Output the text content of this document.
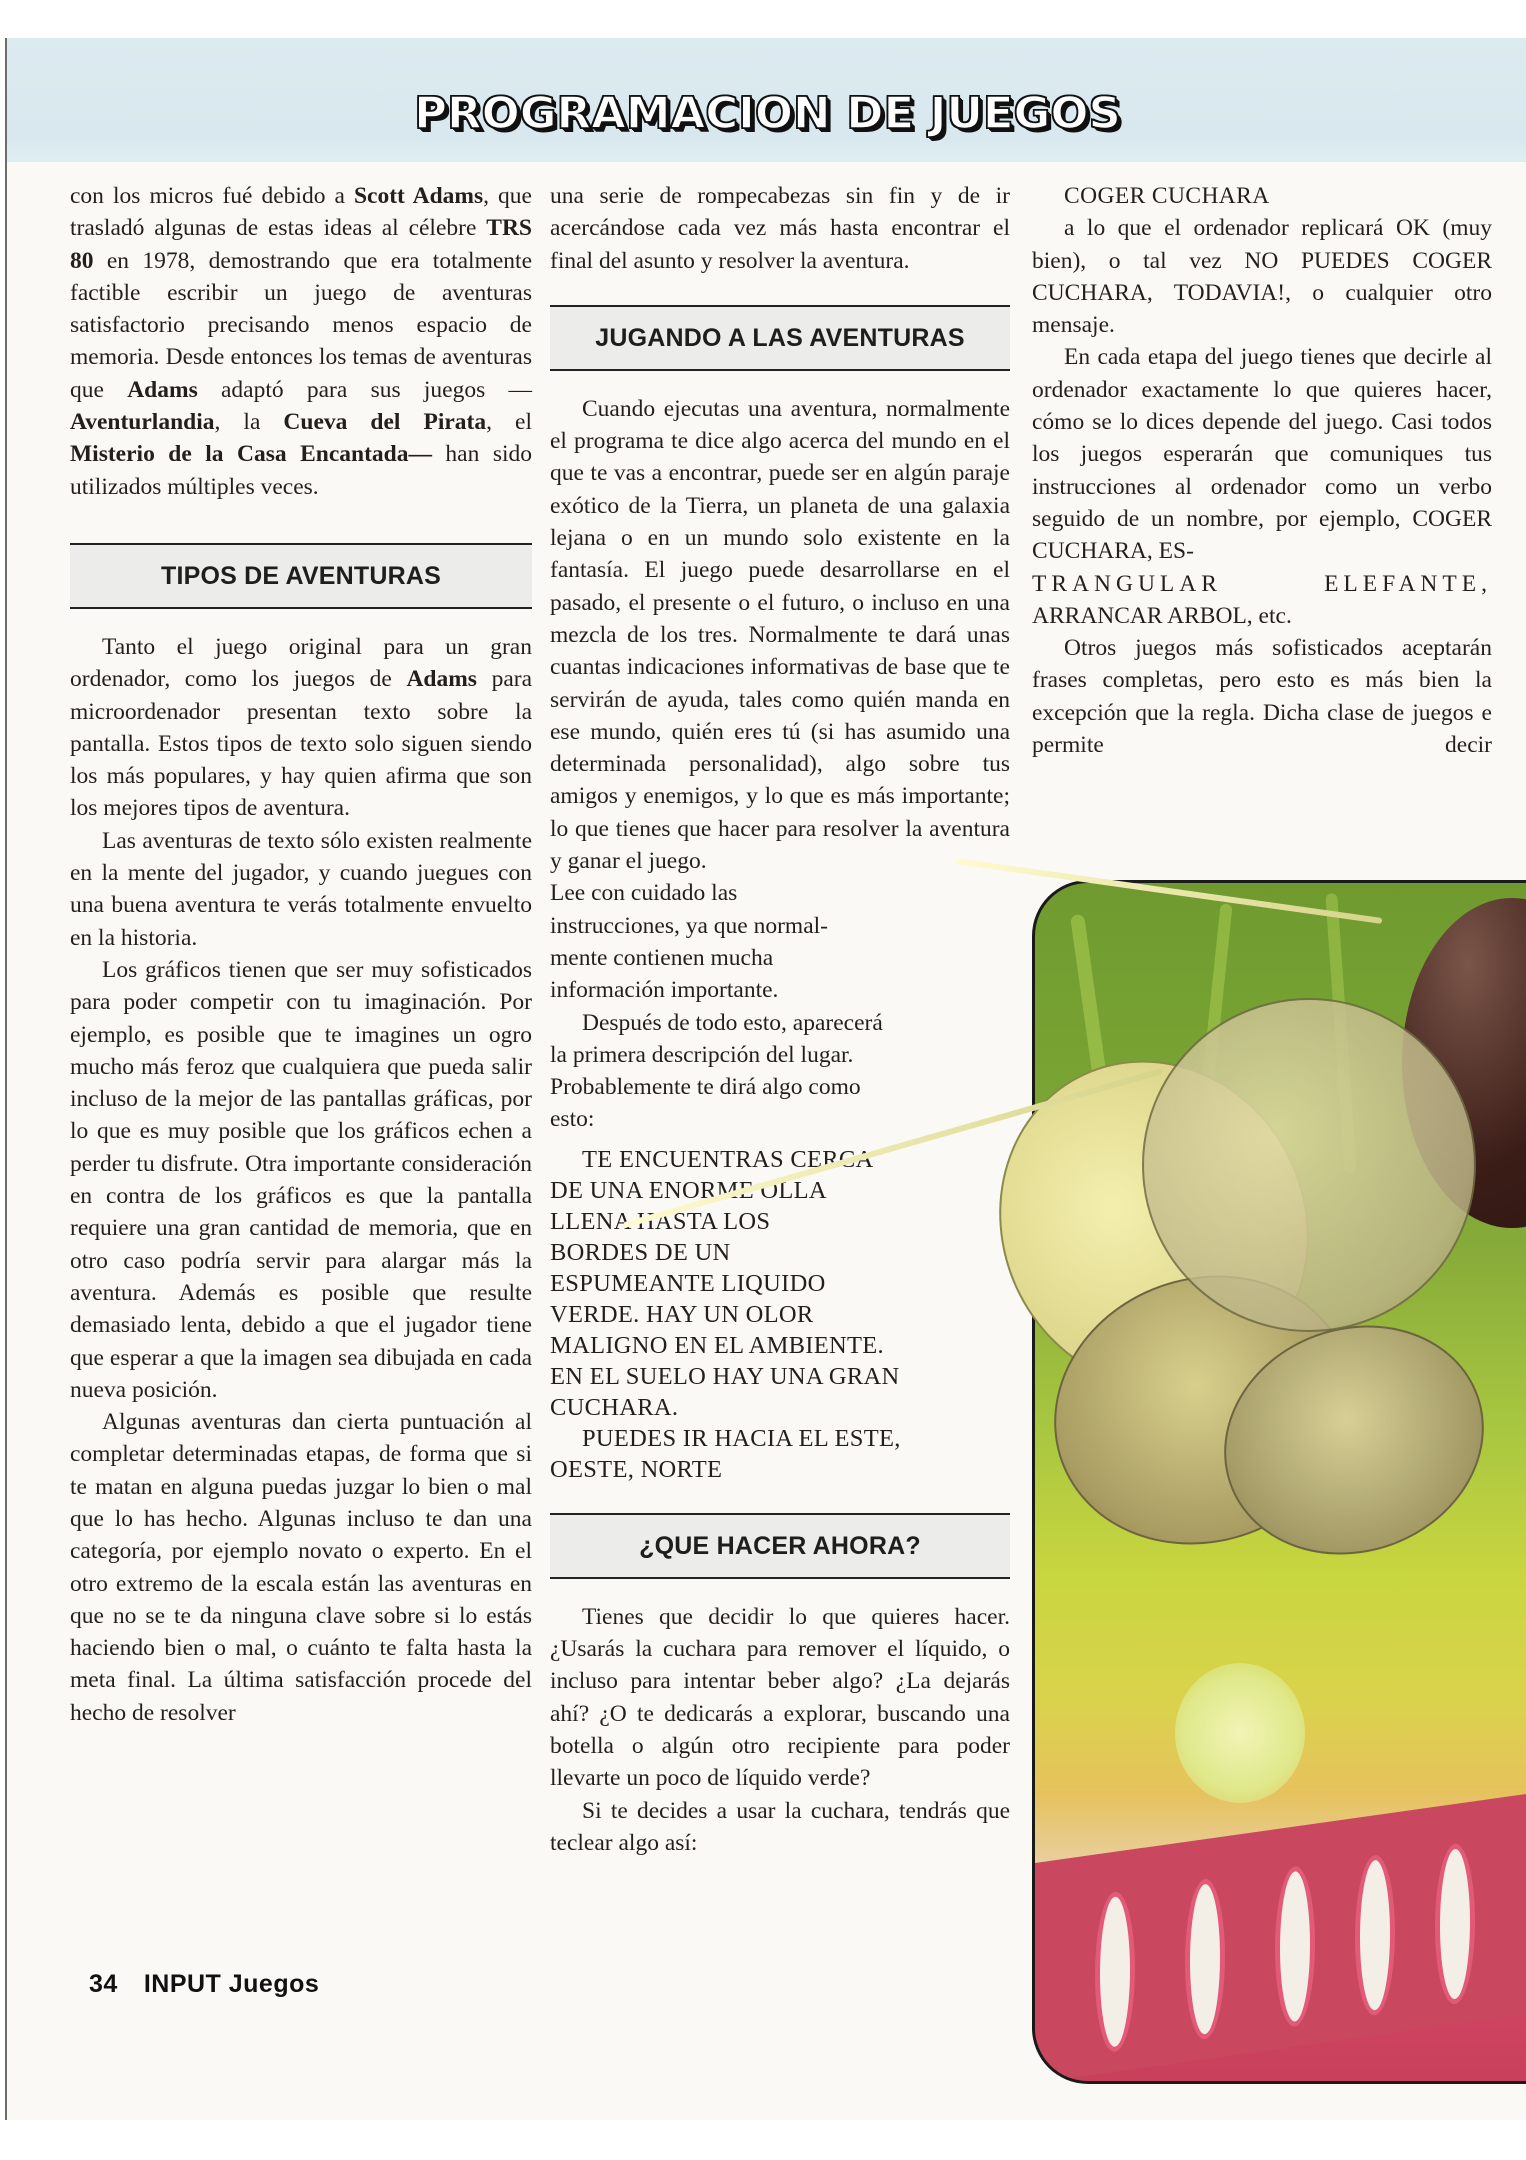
PROGRAMACION DE JUEGOS

con los micros fué debido a Scott Adams, que trasladó algunas de estas ideas al célebre TRS 80 en 1978, demostrando que era totalmente factible escribir un juego de aventuras satisfactorio precisando menos espacio de memoria. Desde entonces los temas de aventuras que Adams adaptó para sus juegos —Aventurlandia, la Cueva del Pirata, el Misterio de la Casa Encantada— han sido utilizados múltiples veces.

TIPOS DE AVENTURAS

Tanto el juego original para un gran ordenador, como los juegos de Adams para microordenador presentan texto sobre la pantalla. Estos tipos de texto solo siguen siendo los más populares, y hay quien afirma que son los mejores tipos de aventura.

Las aventuras de texto sólo existen realmente en la mente del jugador, y cuando juegues con una buena aventura te verás totalmente envuelto en la historia.

Los gráficos tienen que ser muy sofisticados para poder competir con tu imaginación. Por ejemplo, es posible que te imagines un ogro mucho más feroz que cualquiera que pueda salir incluso de la mejor de las pantallas gráficas, por lo que es muy posible que los gráficos echen a perder tu disfrute. Otra importante consideración en contra de los gráficos es que la pantalla requiere una gran cantidad de memoria, que en otro caso podría servir para alargar más la aventura. Además es posible que resulte demasiado lenta, debido a que el jugador tiene que esperar a que la imagen sea dibujada en cada nueva posición.

Algunas aventuras dan cierta puntuación al completar determinadas etapas, de forma que si te matan en alguna puedas juzgar lo bien o mal que lo has hecho. Algunas incluso te dan una categoría, por ejemplo novato o experto. En el otro extremo de la escala están las aventuras en que no se te da ninguna clave sobre si lo estás haciendo bien o mal, o cuánto te falta hasta la meta final. La última satisfacción procede del hecho de resolver

una serie de rompecabezas sin fin y de ir acercándose cada vez más hasta encontrar el final del asunto y resolver la aventura.

JUGANDO A LAS AVENTURAS

Cuando ejecutas una aventura, normalmente el programa te dice algo acerca del mundo en el que te vas a encontrar, puede ser en algún paraje exótico de la Tierra, un planeta de una galaxia lejana o en un mundo solo existente en la fantasía. El juego puede desarrollarse en el pasado, el presente o el futuro, o incluso en una mezcla de los tres. Normalmente te dará unas cuantas indicaciones informativas de base que te servirán de ayuda, tales como quién manda en ese mundo, quién eres tú (si has asumido una determinada personalidad), algo sobre tus amigos y enemigos, y lo que es más importante; lo que tienes que hacer para resolver la aventura y ganar el juego.

Lee con cuidado las

instrucciones, ya que normal-

mente contienen mucha

información importante.

Después de todo esto, aparecerá

la primera descripción del lugar.

Probablemente te dirá algo como

esto:

TE ENCUENTRAS CERCA

DE UNA ENORME OLLA

LLENA HASTA LOS

BORDES DE UN

ESPUMEANTE LIQUIDO

VERDE. HAY UN OLOR

MALIGNO EN EL AMBIENTE.

EN EL SUELO HAY UNA GRAN

CUCHARA.

PUEDES IR HACIA EL ESTE,

OESTE, NORTE

¿QUE HACER AHORA?

Tienes que decidir lo que quieres hacer. ¿Usarás la cuchara para remover el líquido, o incluso para intentar beber algo? ¿La dejarás ahí? ¿O te dedicarás a explorar, buscando una botella o algún otro recipiente para poder llevarte un poco de líquido verde?

Si te decides a usar la cuchara, tendrás que teclear algo así:

COGER CUCHARA

a lo que el ordenador replicará OK (muy bien), o tal vez NO PUEDES COGER CUCHARA, TODAVIA!, o cualquier otro mensaje.

En cada etapa del juego tienes que decirle al ordenador exactamente lo que quieres hacer, cómo se lo dices depende del juego. Casi todos los juegos esperarán que comuniques tus instrucciones al ordenador como un verbo seguido de un nombre, por ejemplo, COGER CUCHARA, ES-

TRANGULAR ELEFANTE,

ARRANCAR ARBOL, etc.

Otros juegos más sofisticados aceptarán frases completas, pero esto es más bien la excepción que la regla. Dicha clase de juegos e permite decir

34 INPUT Juegos
